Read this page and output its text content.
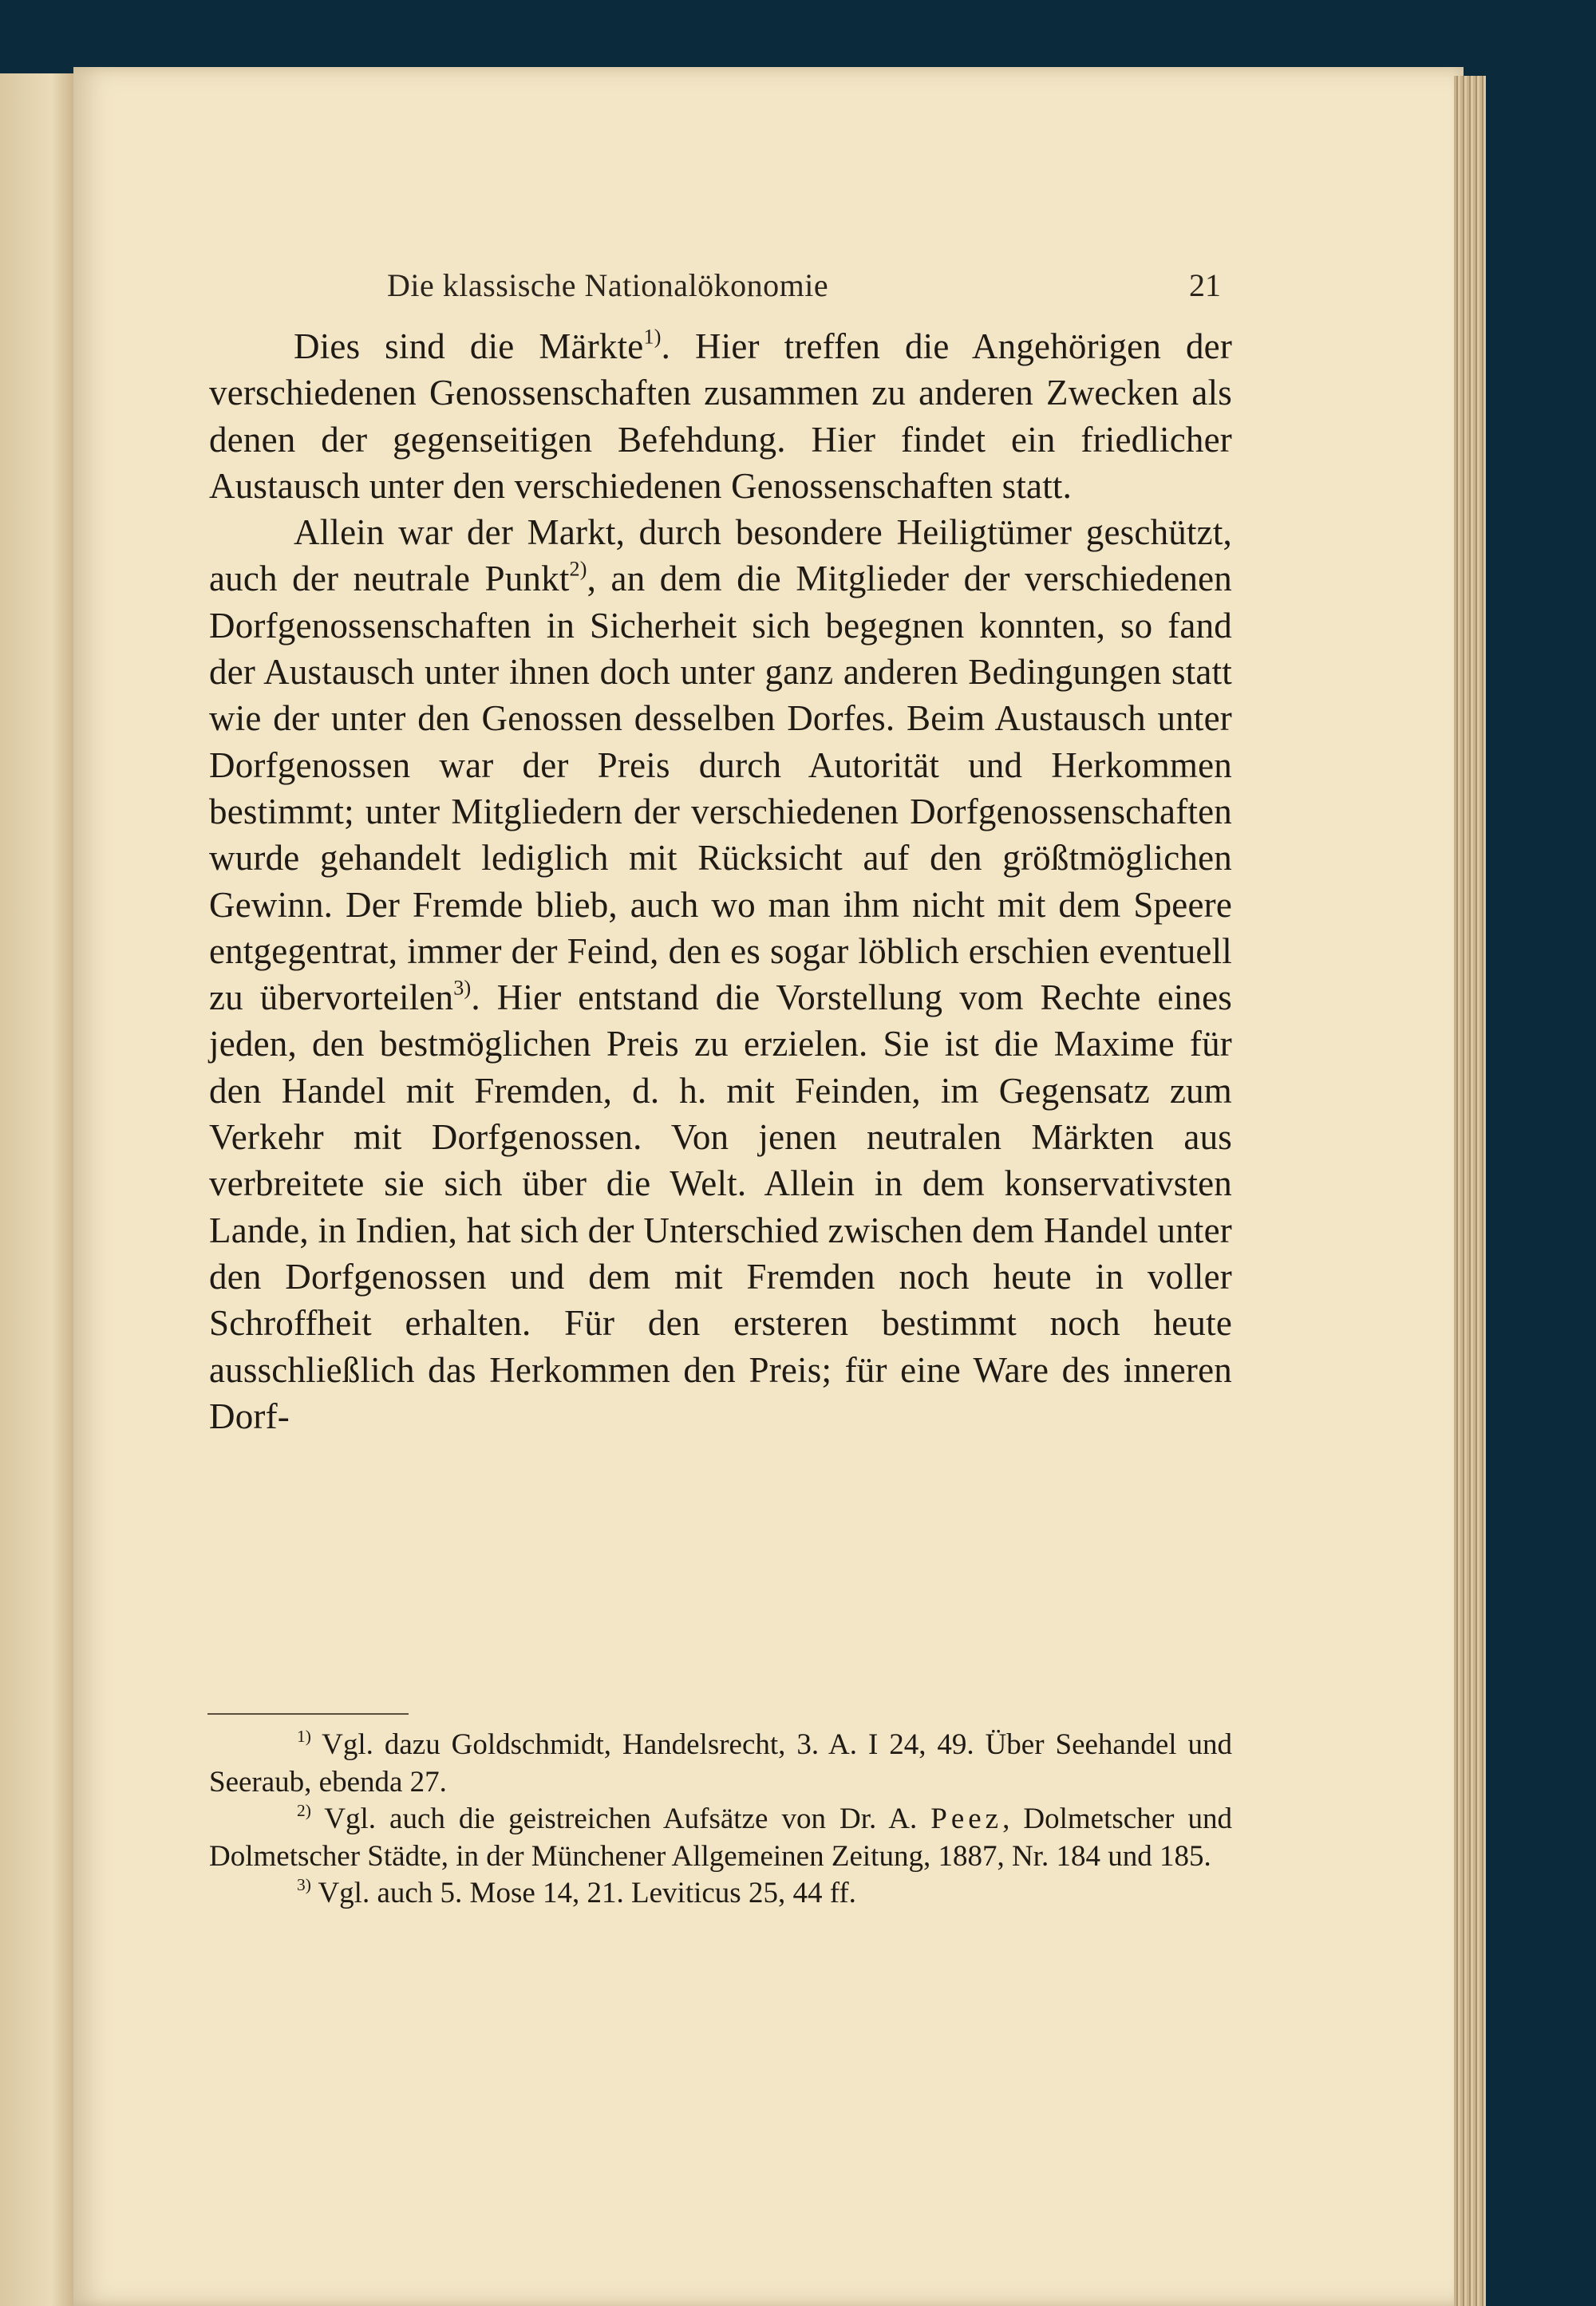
Die klassische Nationalökonomie	21

Dies sind die Märkte$^{1)}$. Hier treffen die Angehörigen der verschiedenen Genossenschaften zusammen zu anderen Zwecken als denen der gegenseitigen Befehdung. Hier findet ein friedlicher Austausch unter den verschiedenen Genossenschaften statt.

Allein war der Markt, durch besondere Heiligtümer geschützt, auch der neutrale Punkt$^{2)}$, an dem die Mitglieder der verschiedenen Dorfgenossenschaften in Sicherheit sich begegnen konnten, so fand der Austausch unter ihnen doch unter ganz anderen Bedingungen statt wie der unter den Genossen desselben Dorfes. Beim Austausch unter Dorfgenossen war der Preis durch Autorität und Herkommen bestimmt; unter Mitgliedern der verschiedenen Dorfgenossenschaften wurde gehandelt lediglich mit Rücksicht auf den größtmöglichen Gewinn. Der Fremde blieb, auch wo man ihm nicht mit dem Speere entgegentrat, immer der Feind, den es sogar löblich erschien eventuell zu übervorteilen$^{3)}$. Hier entstand die Vorstellung vom Rechte eines jeden, den bestmöglichen Preis zu erzielen. Sie ist die Maxime für den Handel mit Fremden, d. h. mit Feinden, im Gegensatz zum Verkehr mit Dorfgenossen. Von jenen neutralen Märkten aus verbreitete sie sich über die Welt. Allein in dem konservativsten Lande, in Indien, hat sich der Unterschied zwischen dem Handel unter den Dorfgenossen und dem mit Fremden noch heute in voller Schroffheit erhalten. Für den ersteren bestimmt noch heute ausschließlich das Herkommen den Preis; für eine Ware des inneren Dorf-

$^{1)}$ Vgl. dazu Goldschmidt, Handelsrecht, 3. A. I 24, 49. Über Seehandel und Seeraub, ebenda 27.

$^{2)}$ Vgl. auch die geistreichen Aufsätze von Dr. A. Peez, Dolmetscher und Dolmetscher Städte, in der Münchener Allgemeinen Zeitung, 1887, Nr. 184 und 185.

$^{3)}$ Vgl. auch 5. Mose 14, 21. Leviticus 25, 44 ff.
